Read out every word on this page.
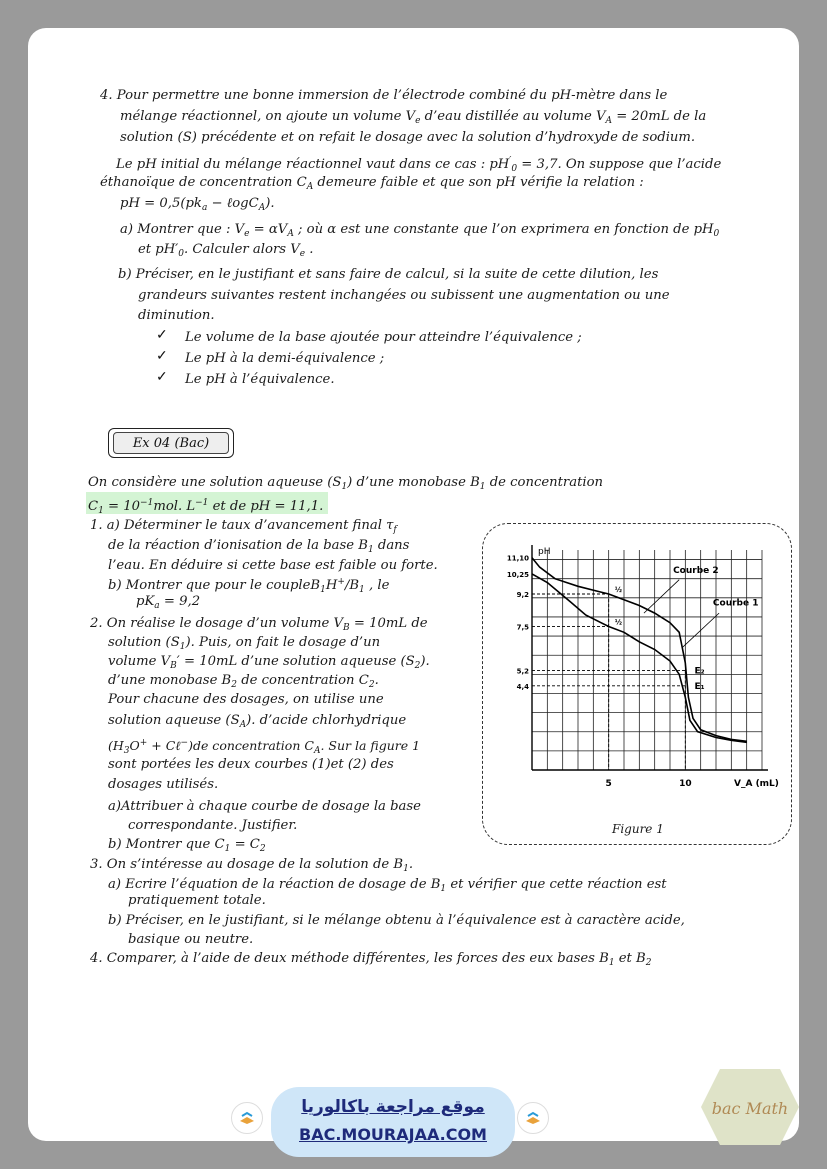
4. Pour permettre une bonne immersion de l’électrode combiné du pH-mètre dans le
mélange réactionnel, on ajoute un volume $V_e$ d’eau distillée au volume $V_A = 20mL$ de la
solution (S) précédente et on refait le dosage avec la solution d’hydroxyde de sodium.
Le pH initial du mélange réactionnel vaut dans ce cas : $pH'_0 = 3,7$. On suppose que l’acide
éthanoïque de concentration $C_A$ demeure faible et que son pH vérifie la relation :
pH = $0,5(pk_a$ − ℓogC$_A$).
a) Montrer que : $V_e = \alpha V_A$ ; où α est une constante que l’on exprimera en fonction de $pH_0$
et $pH'_0$. Calculer alors $V_e$ .
b) Préciser, en le justifiant et sans faire de calcul, si la suite de cette dilution, les
grandeurs suivantes restent inchangées ou subissent une augmentation ou une
diminution.
✓ Le volume de la base ajoutée pour atteindre l’équivalence ;
✓ Le pH à la demi-équivalence ;
✓ Le pH à l’équivalence.
Ex 04 (Bac)
On considère une solution aqueuse $(S_1)$ d’une monobase $B_1$ de concentration
$C_1 = 10^{-1}mol$. $L^{-1}$ et de pH = 11,1.
1. a) Déterminer le taux d’avancement final $\tau_f$
de la réaction d’ionisation de la base $B_1$ dans
l’eau. En déduire si cette base est faible ou forte.
b) Montrer que pour le $coupleB_1H^+/B_1$ , le
$pK_a = 9,2$
2. On réalise le dosage d’un volume $V_B = 10mL$ de
solution $(S_1)$. Puis, on fait le dosage d’un
volume $V_B' = 10mL$ d’une solution aqueuse $(S_2)$.
d’une monobase $B_2$ de concentration $C_2$.
Pour chacune des dosages, on utilise une
solution aqueuse $(S_A)$. d’acide chlorhydrique
($H_3O^+$ + Cℓ−)de concentration $C_A$. Sur la figure 1
sont portées les deux courbes (1)et (2) des
dosages utilisés.
a)Attribuer à chaque courbe de dosage la base
correspondante. Justifier.
b) Montrer que $C_1 = C_2$
3. On s’intéresse au dosage de la solution de $B_1$.
a) Ecrire l’équation de la réaction de dosage de $B_1$ et vérifier que cette réaction est
pratiquement totale.
b) Préciser, en le justifiant, si le mélange obtenu à l’équivalence est à caractère acide,
basique ou neutre.
4. Comparer, à l’aide de deux méthode différentes, les forces des eux bases $B_1$ et $B_2$
pH
V_A (mL)
5	10
11,10
10,25
9,2
7,5
5,2
4,4
Courbe 2
Courbe 1
E₂
E₁
½
½
Figure 1
موقع مراجعة باكالوريا
BAC.MOURAJAA.COM
bac Math
